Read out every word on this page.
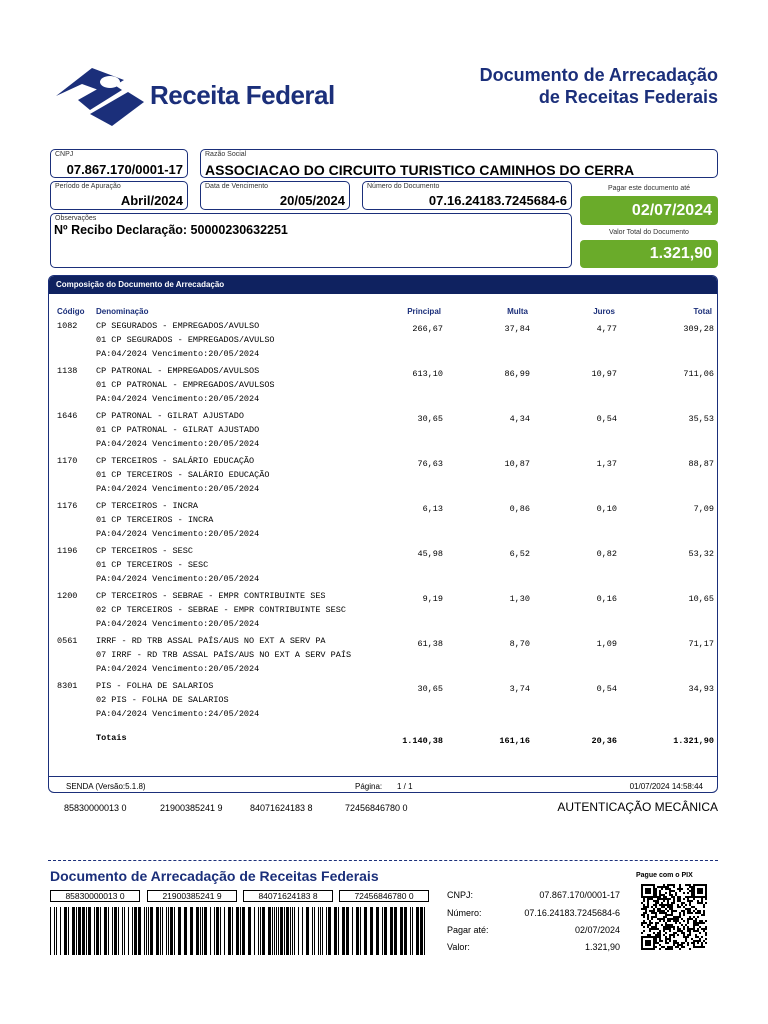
Receita Federal
Documento de Arrecadação
de Receitas Federais
CNPJ
07.867.170/0001-17
Razão Social
ASSOCIACAO DO CIRCUITO TURISTICO CAMINHOS DO CERRA
Período de Apuração
Abril/2024
Data de Vencimento
20/05/2024
Número do Documento
07.16.24183.7245684-6
Observações
Nº Recibo Declaração: 50000230632251
Pagar este documento até
02/07/2024
Valor Total do Documento
1.321,90
Composição do Documento de Arrecadação
Código Denominação	Principal	Multa	Juros	Total
1082 CP SEGURADOS - EMPREGADOS/AVULSO
01 CP SEGURADOS - EMPREGADOS/AVULSO
PA:04/2024 Vencimento:20/05/2024
266,67	37,84	4,77	309,28
1138 CP PATRONAL - EMPREGADOS/AVULSOS
01 CP PATRONAL - EMPREGADOS/AVULSOS
PA:04/2024 Vencimento:20/05/2024
613,10	86,99	10,97	711,06
1646 CP PATRONAL - GILRAT AJUSTADO
01 CP PATRONAL - GILRAT AJUSTADO
PA:04/2024 Vencimento:20/05/2024
30,65	4,34	0,54	35,53
1170 CP TERCEIROS - SALÁRIO EDUCAÇÃO
01 CP TERCEIROS - SALÁRIO EDUCAÇÃO
PA:04/2024 Vencimento:20/05/2024
76,63	10,87	1,37	88,87
1176 CP TERCEIROS - INCRA
01 CP TERCEIROS - INCRA
PA:04/2024 Vencimento:20/05/2024
6,13	0,86	0,10	7,09
1196 CP TERCEIROS - SESC
01 CP TERCEIROS - SESC
PA:04/2024 Vencimento:20/05/2024
45,98	6,52	0,82	53,32
1200 CP TERCEIROS - SEBRAE - EMPR CONTRIBUINTE SES
02 CP TERCEIROS - SEBRAE - EMPR CONTRIBUINTE SESC
PA:04/2024 Vencimento:20/05/2024
9,19	1,30	0,16	10,65
0561 IRRF - RD TRB ASSAL PAÍS/AUS NO EXT A SERV PA
07 IRRF - RD TRB ASSAL PAÍS/AUS NO EXT A SERV PAÍS
PA:04/2024 Vencimento:20/05/2024
61,38	8,70	1,09	71,17
8301 PIS - FOLHA DE SALARIOS
02 PIS - FOLHA DE SALARIOS
PA:04/2024 Vencimento:24/05/2024
30,65	3,74	0,54	34,93
Totais	1.140,38	161,16	20,36	1.321,90
SENDA (Versão:5.1.8)	Página: 1 / 1	01/07/2024 14:58:44
85830000013 0	21900385241 9	84071624183 8	72456846780 0	AUTENTICAÇÃO MECÂNICA
Documento de Arrecadação de Receitas Federais	Pague com o PIX
85830000013 0	21900385241 9	84071624183 8	72456846780 0	CNPJ:	07.867.170/0001-17
Número:	07.16.24183.7245684-6
Pagar até:	02/07/2024
Valor:	1.321,90
